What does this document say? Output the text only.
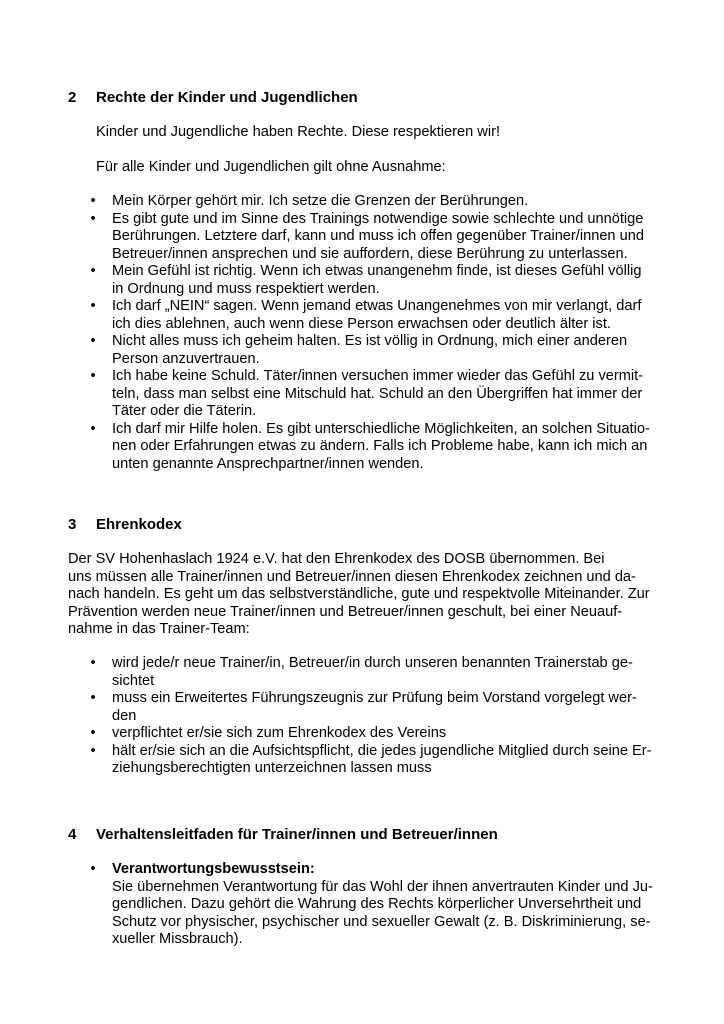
2 Rechte der Kinder und Jugendlichen
Kinder und Jugendliche haben Rechte. Diese respektieren wir!
Für alle Kinder und Jugendlichen gilt ohne Ausnahme:
• Mein Körper gehört mir. Ich setze die Grenzen der Berührungen.
• Es gibt gute und im Sinne des Trainings notwendige sowie schlechte und unnötige
Berührungen. Letztere darf, kann und muss ich offen gegenüber Trainer/innen und
Betreuer/innen ansprechen und sie auffordern, diese Berührung zu unterlassen.
• Mein Gefühl ist richtig. Wenn ich etwas unangenehm finde, ist dieses Gefühl völlig
in Ordnung und muss respektiert werden.
• Ich darf „NEIN“ sagen. Wenn jemand etwas Unangenehmes von mir verlangt, darf
ich dies ablehnen, auch wenn diese Person erwachsen oder deutlich älter ist.
• Nicht alles muss ich geheim halten. Es ist völlig in Ordnung, mich einer anderen
Person anzuvertrauen.
• Ich habe keine Schuld. Täter/innen versuchen immer wieder das Gefühl zu vermit-
teln, dass man selbst eine Mitschuld hat. Schuld an den Übergriffen hat immer der
Täter oder die Täterin.
• Ich darf mir Hilfe holen. Es gibt unterschiedliche Möglichkeiten, an solchen Situatio-
nen oder Erfahrungen etwas zu ändern. Falls ich Probleme habe, kann ich mich an
unten genannte Ansprechpartner/innen wenden.
3 Ehrenkodex
Der SV Hohenhaslach 1924 e.V. hat den Ehrenkodex des DOSB übernommen. Bei
uns müssen alle Trainer/innen und Betreuer/innen diesen Ehrenkodex zeichnen und da-
nach handeln. Es geht um das selbstverständliche, gute und respektvolle Miteinander. Zur
Prävention werden neue Trainer/innen und Betreuer/innen geschult, bei einer Neuauf-
nahme in das Trainer-Team:
• wird jede/r neue Trainer/in, Betreuer/in durch unseren benannten Trainerstab ge-
sichtet
• muss ein Erweitertes Führungszeugnis zur Prüfung beim Vorstand vorgelegt wer-
den
• verpflichtet er/sie sich zum Ehrenkodex des Vereins
• hält er/sie sich an die Aufsichtspflicht, die jedes jugendliche Mitglied durch seine Er-
ziehungsberechtigten unterzeichnen lassen muss
4 Verhaltensleitfaden für Trainer/innen und Betreuer/innen
• Verantwortungsbewusstsein:
Sie übernehmen Verantwortung für das Wohl der ihnen anvertrauten Kinder und Ju-
gendlichen. Dazu gehört die Wahrung des Rechts körperlicher Unversehrtheit und
Schutz vor physischer, psychischer und sexueller Gewalt (z. B. Diskriminierung, se-
xueller Missbrauch).
